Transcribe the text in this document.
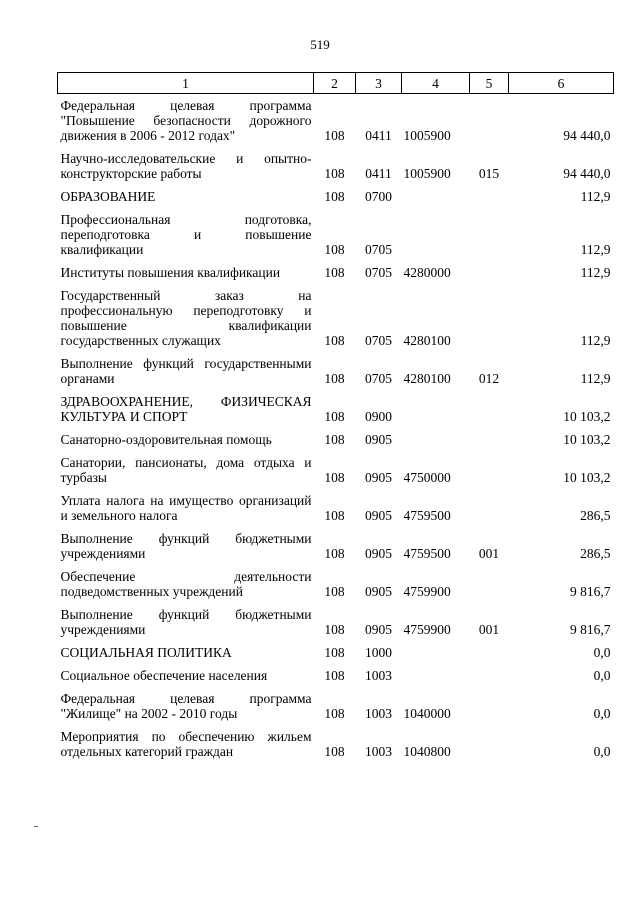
519
1	2	3	4	5	6
Федеральная целевая программа "Повышение безопасности дорожного движения в 2006 - 2012 годах"	108	0411	1005900		94 440,0
Научно-исследовательские и опытно-конструкторские работы	108	0411	1005900	015	94 440,0
ОБРАЗОВАНИЕ	108	0700			112,9
Профессиональная подготовка, переподготовка и повышение квалификации	108	0705			112,9
Институты повышения квалификации	108	0705	4280000		112,9
Государственный заказ на профессиональную переподготовку и повышение квалификации государственных служащих	108	0705	4280100		112,9
Выполнение функций государственными органами	108	0705	4280100	012	112,9
ЗДРАВООХРАНЕНИЕ, ФИЗИЧЕСКАЯ КУЛЬТУРА И СПОРТ	108	0900			10 103,2
Санаторно-оздоровительная помощь	108	0905			10 103,2
Санатории, пансионаты, дома отдыха и турбазы	108	0905	4750000		10 103,2
Уплата налога на имущество организаций и земельного налога	108	0905	4759500		286,5
Выполнение функций бюджетными учреждениями	108	0905	4759500	001	286,5
Обеспечение деятельности подведомственных учреждений	108	0905	4759900		9 816,7
Выполнение функций бюджетными учреждениями	108	0905	4759900	001	9 816,7
СОЦИАЛЬНАЯ ПОЛИТИКА	108	1000			0,0
Социальное обеспечение населения	108	1003			0,0
Федеральная целевая программа "Жилище" на 2002 - 2010 годы	108	1003	1040000		0,0
Мероприятия по обеспечению жильем отдельных категорий граждан	108	1003	1040800		0,0
